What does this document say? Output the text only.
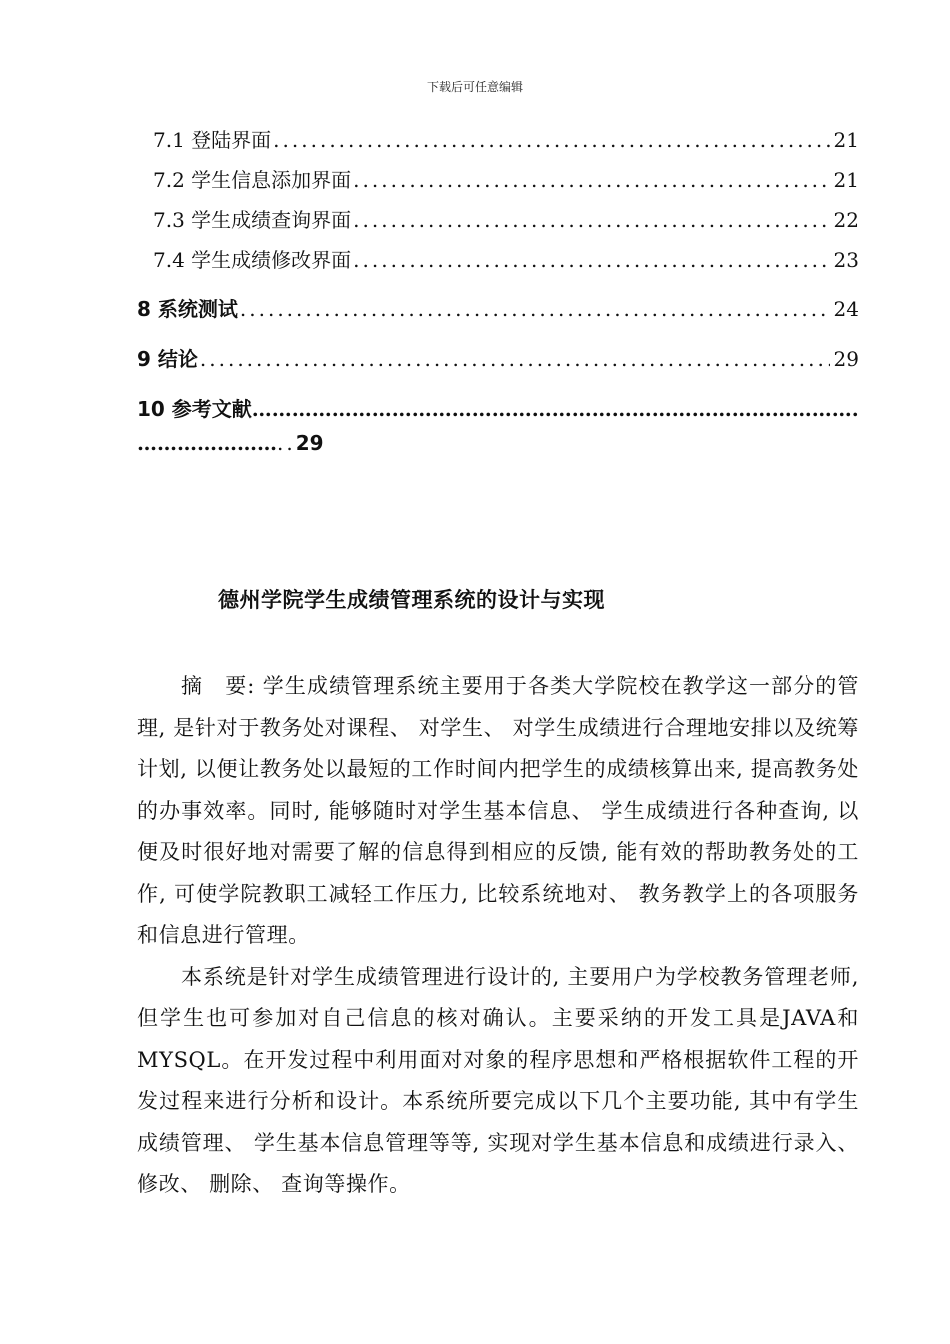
下载后可任意编辑
7.1 登陆界面 .....	21
7.2 学生信息添加界面 .....	21
7.3 学生成绩查询界面 .....	22
7.4 学生成绩修改界面 .....	23
8 系统测试 .....	24
9 结论 .....	29
10 参考文献
……………………………………………………………………………………………………………………………………
…………………..29
德州学院学生成绩管理系统的设计与实现

摘　要: 学生成绩管理系统主要用于各类大学院校在教学这一部分的管理, 是针对于教务处对课程、 对学生、 对学生成绩进行合理地安排以及统筹计划, 以便让教务处以最短的工作时间内把学生的成绩核算出来, 提高教务处的办事效率。同时, 能够随时对学生基本信息、 学生成绩进行各种查询, 以便及时很好地对需要了解的信息得到相应的反馈, 能有效的帮助教务处的工作, 可使学院教职工减轻工作压力, 比较系统地对、 教务教学上的各项服务和信息进行管理。

本系统是针对学生成绩管理进行设计的, 主要用户为学校教务管理老师, 但学生也可参加对自己信息的核对确认。主要采纳的开发工具是JAVA和MYSQL。在开发过程中利用面对对象的程序思想和严格根据软件工程的开发过程来进行分析和设计。本系统所要完成以下几个主要功能, 其中有学生成绩管理、 学生基本信息管理等等, 实现对学生基本信息和成绩进行录入、 修改、 删除、 查询等操作。
